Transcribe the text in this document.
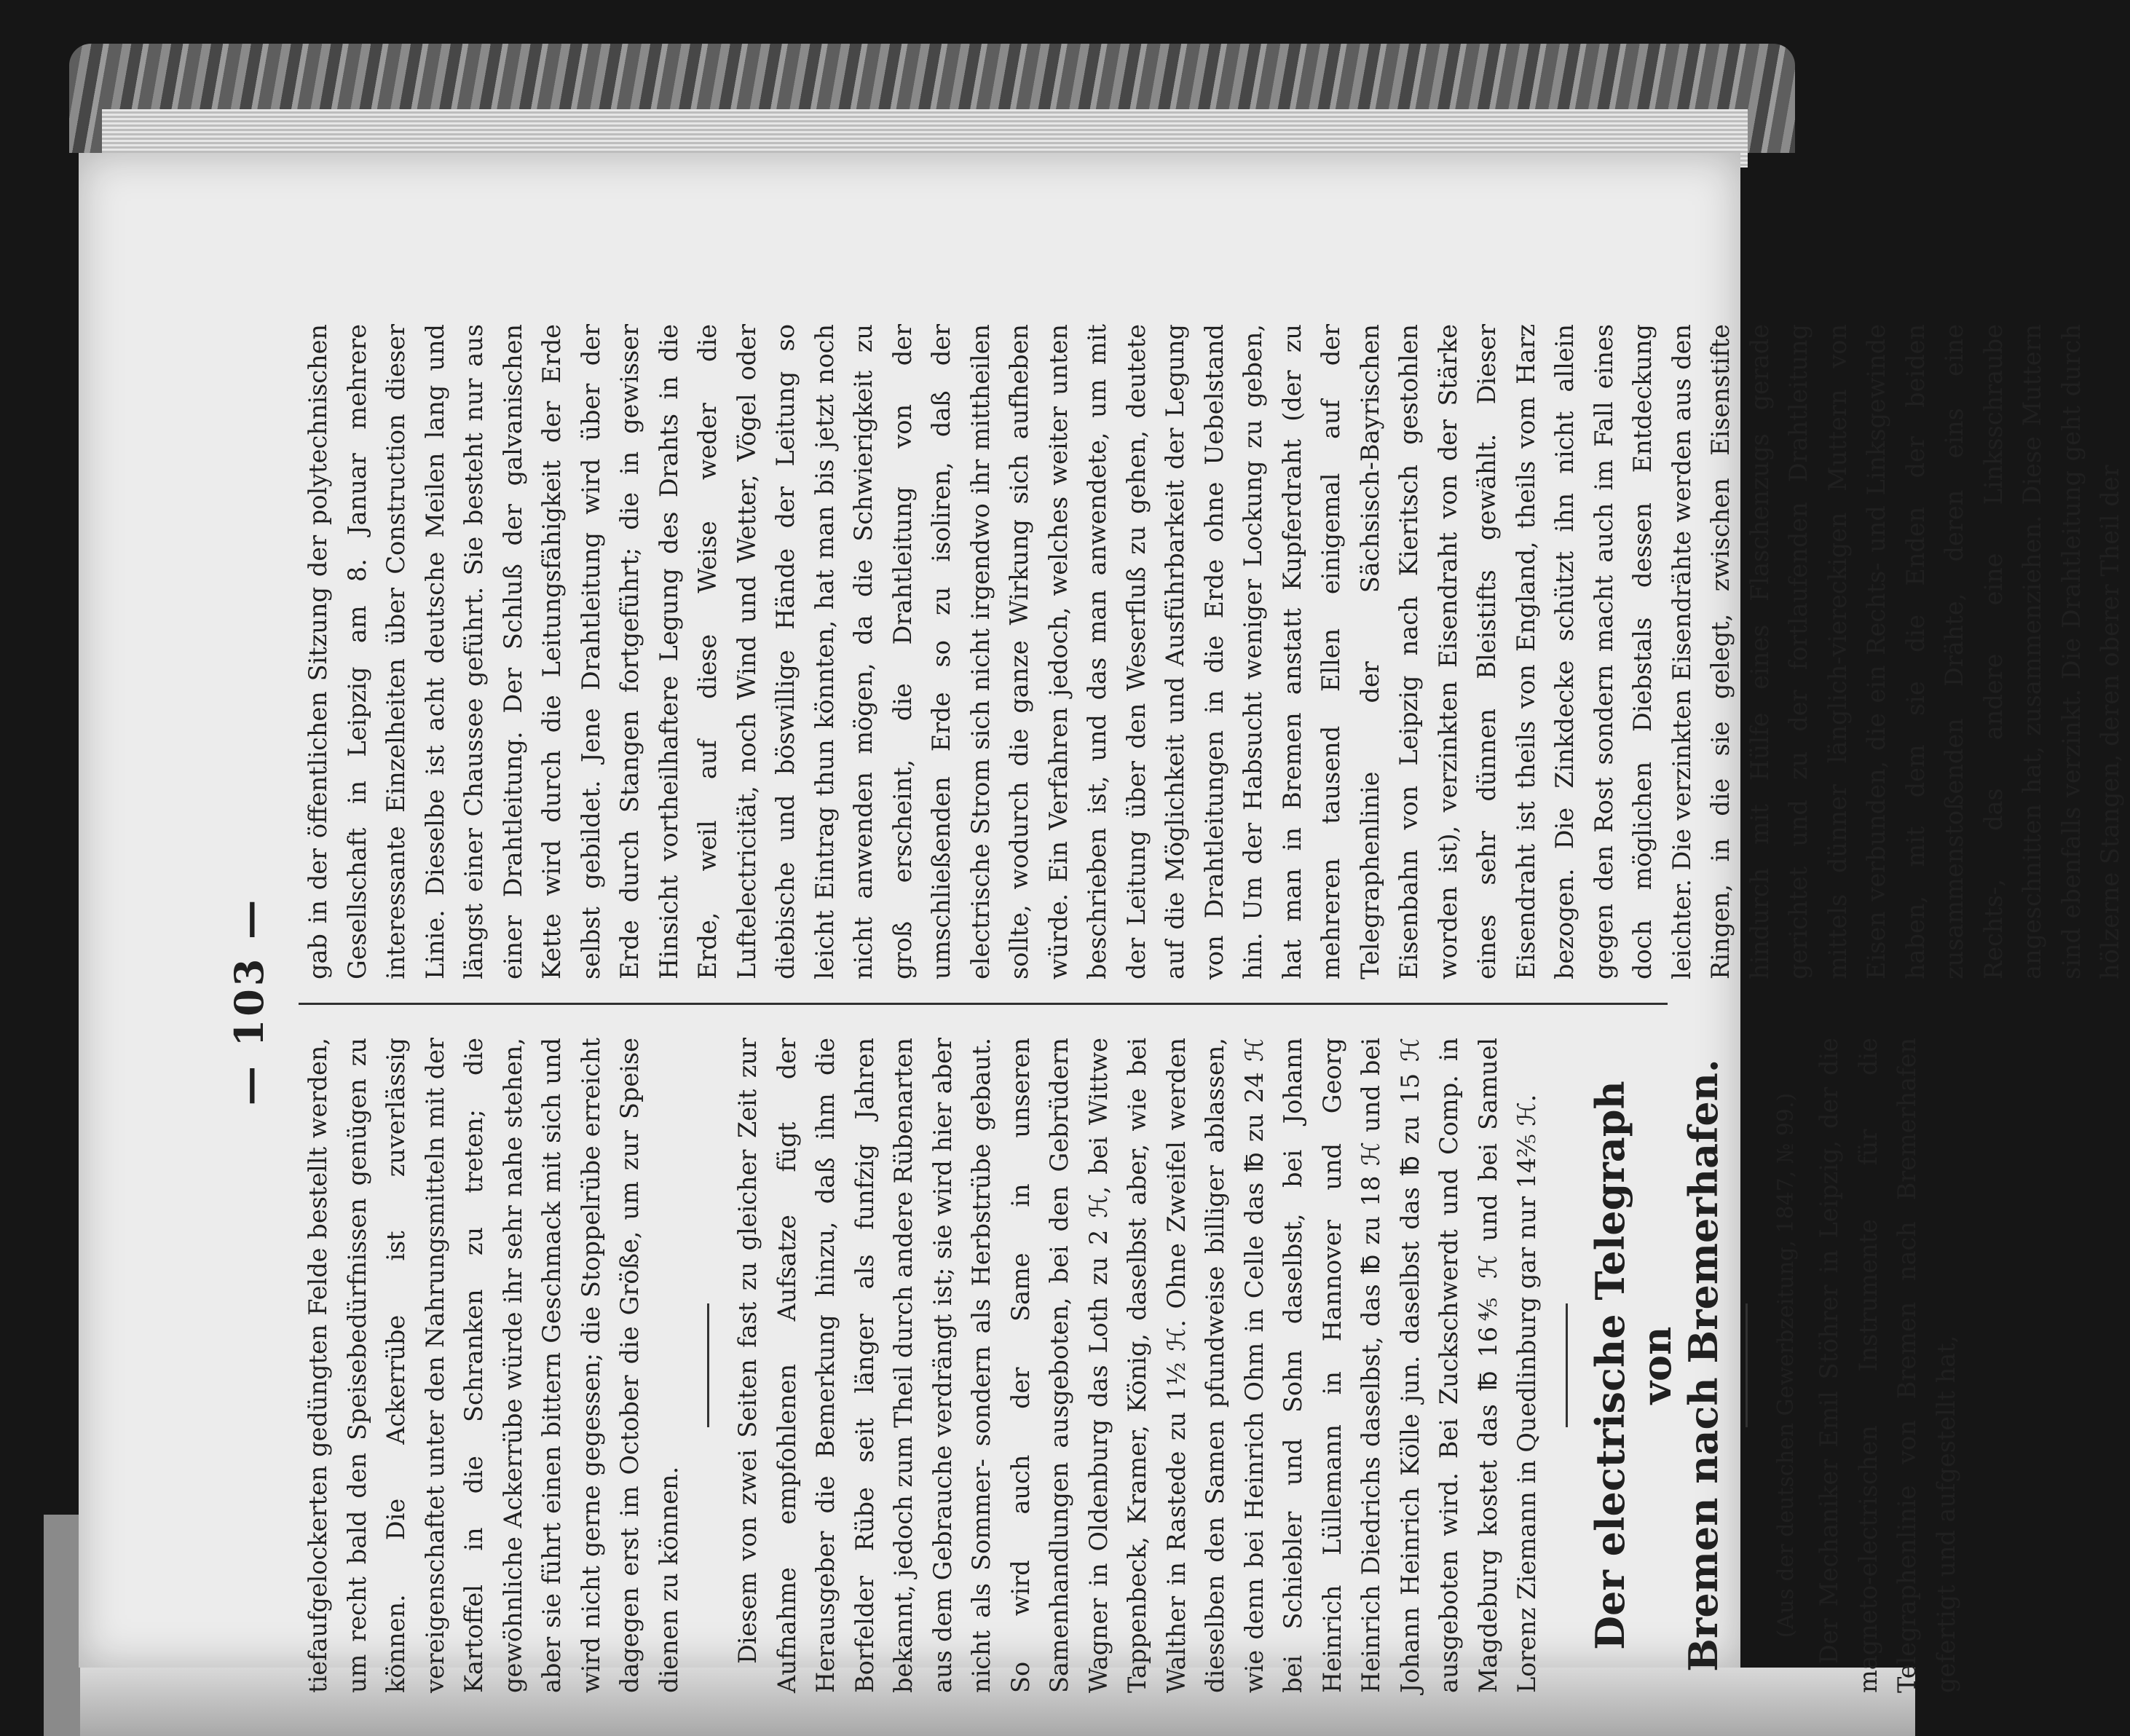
— 103 —

tiefaufgelockerten gedüngten Felde bestellt werden, um recht bald den Speisebedürfnissen genügen zu können. Die Ackerrübe ist zuverlässig vereigenschaftet unter den Nahrungsmitteln mit der Kartoffel in die Schranken zu treten; die gewöhnliche Ackerrübe würde ihr sehr nahe stehen, aber sie führt einen bittern Geschmack mit sich und wird nicht gerne gegessen; die Stoppelrübe erreicht dagegen erst im October die Größe, um zur Speise dienen zu können. Diesem von zwei Seiten fast zu gleicher Zeit zur Aufnahme empfohlenen Aufsatze fügt der Herausgeber die Bemerkung hinzu, daß ihm die Borfelder Rübe seit länger als funfzig Jahren bekannt, jedoch zum Theil durch andere Rübenarten aus dem Gebrauche verdrängt ist; sie wird hier aber nicht als Sommer- sondern als Herbstrübe gebaut. So wird auch der Same in unseren Samenhandlungen ausgeboten, bei den Gebrüdern Wagner in Oldenburg das Loth zu 2 ℋ, bei Wittwe Tappenbeck, Kramer, König, daselbst aber, wie bei Walther in Rastede zu 1½ ℋ. Ohne Zweifel werden dieselben den Samen pfundweise billiger ablassen, wie denn bei Heinrich Ohm in Celle das ℔ zu 24 ℋ bei Schiebler und Sohn daselbst, bei Johann Heinrich Lüllemann in Hannover und Georg Heinrich Diedrichs daselbst, das ℔ zu 18 ℋ und bei Johann Heinrich Kölle jun. daselbst das ℔ zu 15 ℋ ausgeboten wird. Bei Zuckschwerdt und Comp. in Magdeburg kostet das ℔ 16⅘ ℋ und bei Samuel Lorenz Ziemann in Quedlinburg gar nur 14⅖ ℋ. Der electrische Telegraph von Bremen nach Bremerhafen.	(Aus der deutschen Gewerbzeitung, 1847, № 99.) Der Mechaniker Emil Stöhrer in Leipzig, der die magneto-electrischen Instrumente für die Telegraphenlinie von Bremen nach Bremerhafen gefertigt und aufgestellt hat,

gab in der öffentlichen Sitzung der polytechnischen Gesellschaft in Leipzig am 8. Januar mehrere interessante Einzelheiten über Construction dieser Linie. Dieselbe ist acht deutsche Meilen lang und längst einer Chaussee geführt. Sie besteht nur aus einer Drahtleitung. Der Schluß der galvanischen Kette wird durch die Leitungsfähigkeit der Erde selbst gebildet. Jene Drahtleitung wird über der Erde durch Stangen fortgeführt; die in gewisser Hinsicht vortheilhaftere Legung des Drahts in die Erde, weil auf diese Weise weder die Luftelectricität, noch Wind und Wetter, Vögel oder diebische und böswillige Hände der Leitung so leicht Eintrag thun könnten, hat man bis jetzt noch nicht anwenden mögen, da die Schwierigkeit zu groß erscheint, die Drahtleitung von der umschließenden Erde so zu isoliren, daß der electrische Strom sich nicht irgendwo ihr mittheilen sollte, wodurch die ganze Wirkung sich aufheben würde. Ein Verfahren jedoch, welches weiter unten beschrieben ist, und das man anwendete, um mit der Leitung über den Weserfluß zu gehen, deutete auf die Möglichkeit und Ausführbarkeit der Legung von Drahtleitungen in die Erde ohne Uebelstand hin. Um der Habsucht weniger Lockung zu geben, hat man in Bremen anstatt Kupferdraht (der zu mehreren tausend Ellen einigemal auf der Telegraphenlinie der Sächsisch-Bayrischen Eisenbahn von Leipzig nach Kieritsch gestohlen worden ist), verzinkten Eisendraht von der Stärke eines sehr dünnen Bleistifts gewählt. Dieser Eisendraht ist theils von England, theils vom Harz bezogen. Die Zinkdecke schützt ihn nicht allein gegen den Rost sondern macht auch im Fall eines doch möglichen Diebstals dessen Entdeckung leichter. Die verzinkten Eisendrähte werden aus den Ringen, in die sie gelegt, zwischen Eisenstifte hindurch mit Hülfe eines Flaschenzugs gerade gerichtet und zu der fortlaufenden Drahtleitung mittels dünner länglich-viereckigen Muttern von Eisen verbunden, die ein Rechts- und Linksgewinde haben, mit dem sie die Enden der beiden zusammenstoßenden Drähte, deren eins eine Rechts-, das andere eine Linksschraube angeschnitten hat, zusammenziehen. Diese Muttern sind ebenfalls verzinkt. Die Drahtleitung geht durch hölzerne Stangen, deren oberer Theil der
